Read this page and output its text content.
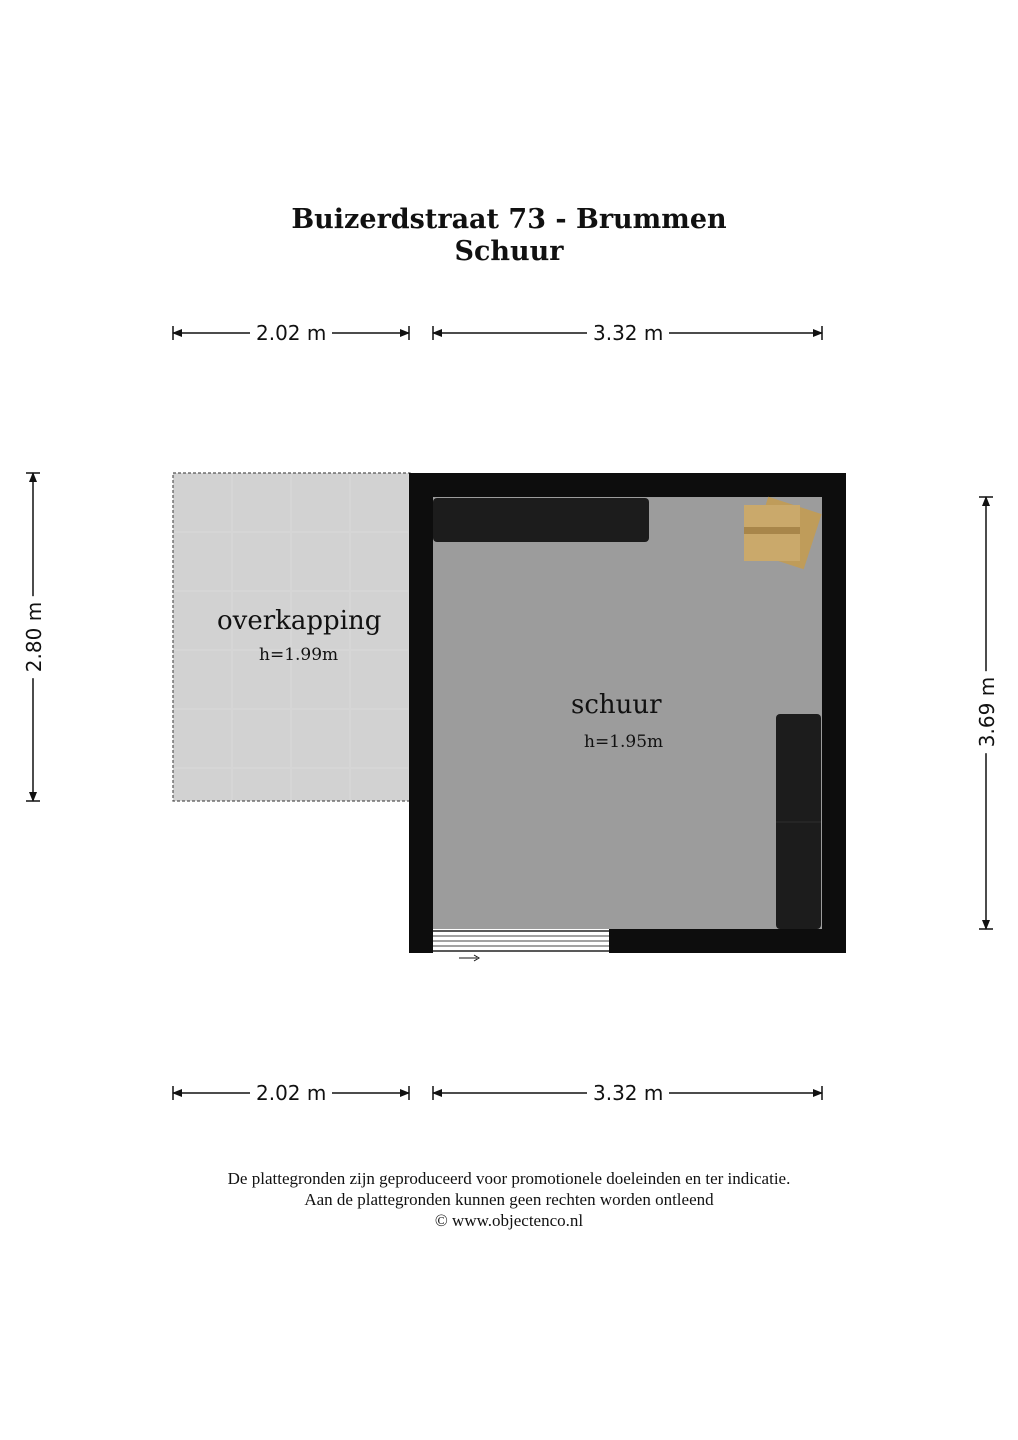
Buizerdstraat 73 - Brummen
Schuur
2.02 m	3.32 m
2.02 m	3.32 m
2.80 m
3.69 m
overkapping
h=1.99m
schuur
h=1.95m
De plattegronden zijn geproduceerd voor promotionele doeleinden en ter indicatie.
Aan de plattegronden kunnen geen rechten worden ontleend
© www.objectenco.nl
